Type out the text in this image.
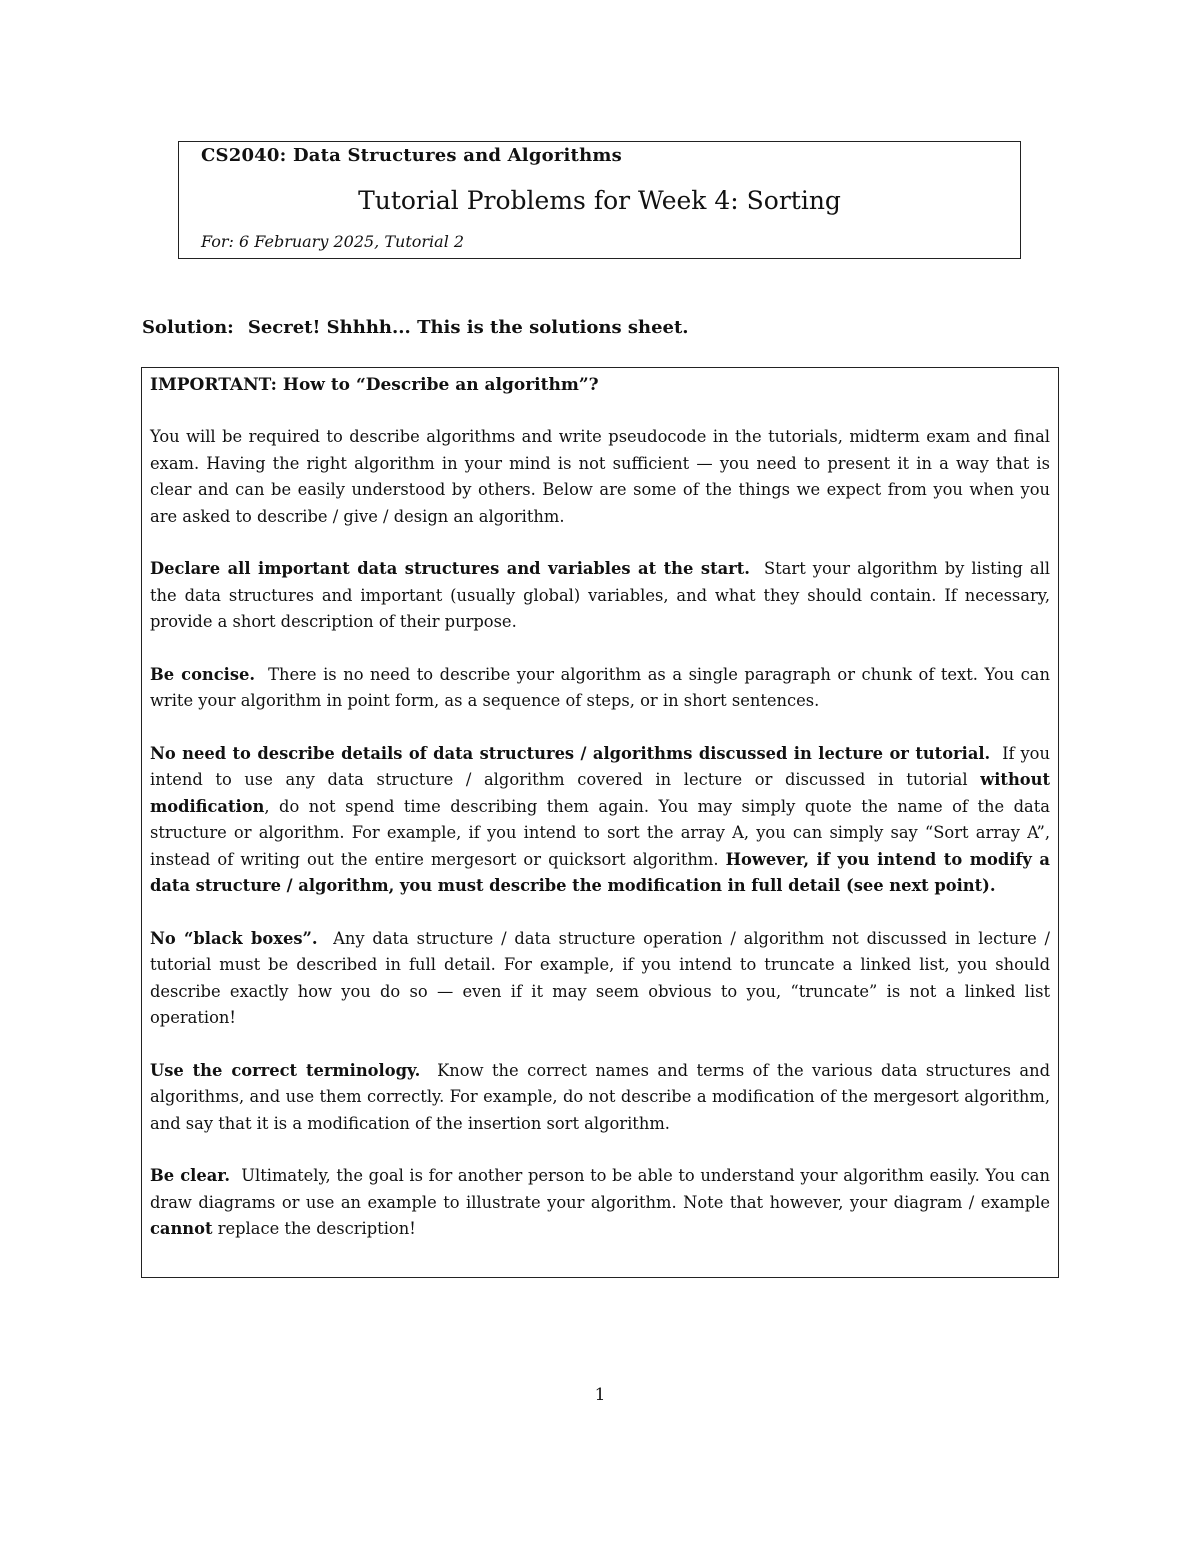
CS2040: Data Structures and Algorithms
Tutorial Problems for Week 4: Sorting
For: 6 February 2025, Tutorial 2
Solution: Secret! Shhhh... This is the solutions sheet.

IMPORTANT: How to “Describe an algorithm”?

You will be required to describe algorithms and write pseudocode in the tutorials, midterm exam and final exam. Having the right algorithm in your mind is not sufficient — you need to present it in a way that is clear and can be easily understood by others. Below are some of the things we expect from you when you are asked to describe / give / design an algorithm.

Declare all important data structures and variables at the start. Start your algorithm by listing all the data structures and important (usually global) variables, and what they should contain. If necessary, provide a short description of their purpose.

Be concise. There is no need to describe your algorithm as a single paragraph or chunk of text. You can write your algorithm in point form, as a sequence of steps, or in short sentences.

No need to describe details of data structures / algorithms discussed in lecture or tutorial. If you intend to use any data structure / algorithm covered in lecture or discussed in tutorial without modification, do not spend time describing them again. You may simply quote the name of the data structure or algorithm. For example, if you intend to sort the array A, you can simply say “Sort array A”, instead of writing out the entire mergesort or quicksort algorithm. However, if you intend to modify a data structure / algorithm, you must describe the modification in full detail (see next point).

No “black boxes”. Any data structure / data structure operation / algorithm not discussed in lecture / tutorial must be described in full detail. For example, if you intend to truncate a linked list, you should describe exactly how you do so — even if it may seem obvious to you, “truncate” is not a linked list operation!

Use the correct terminology. Know the correct names and terms of the various data structures and algorithms, and use them correctly. For example, do not describe a modification of the mergesort algorithm, and say that it is a modification of the insertion sort algorithm.

Be clear. Ultimately, the goal is for another person to be able to understand your algorithm easily. You can draw diagrams or use an example to illustrate your algorithm. Note that however, your diagram / example cannot replace the description!

1
